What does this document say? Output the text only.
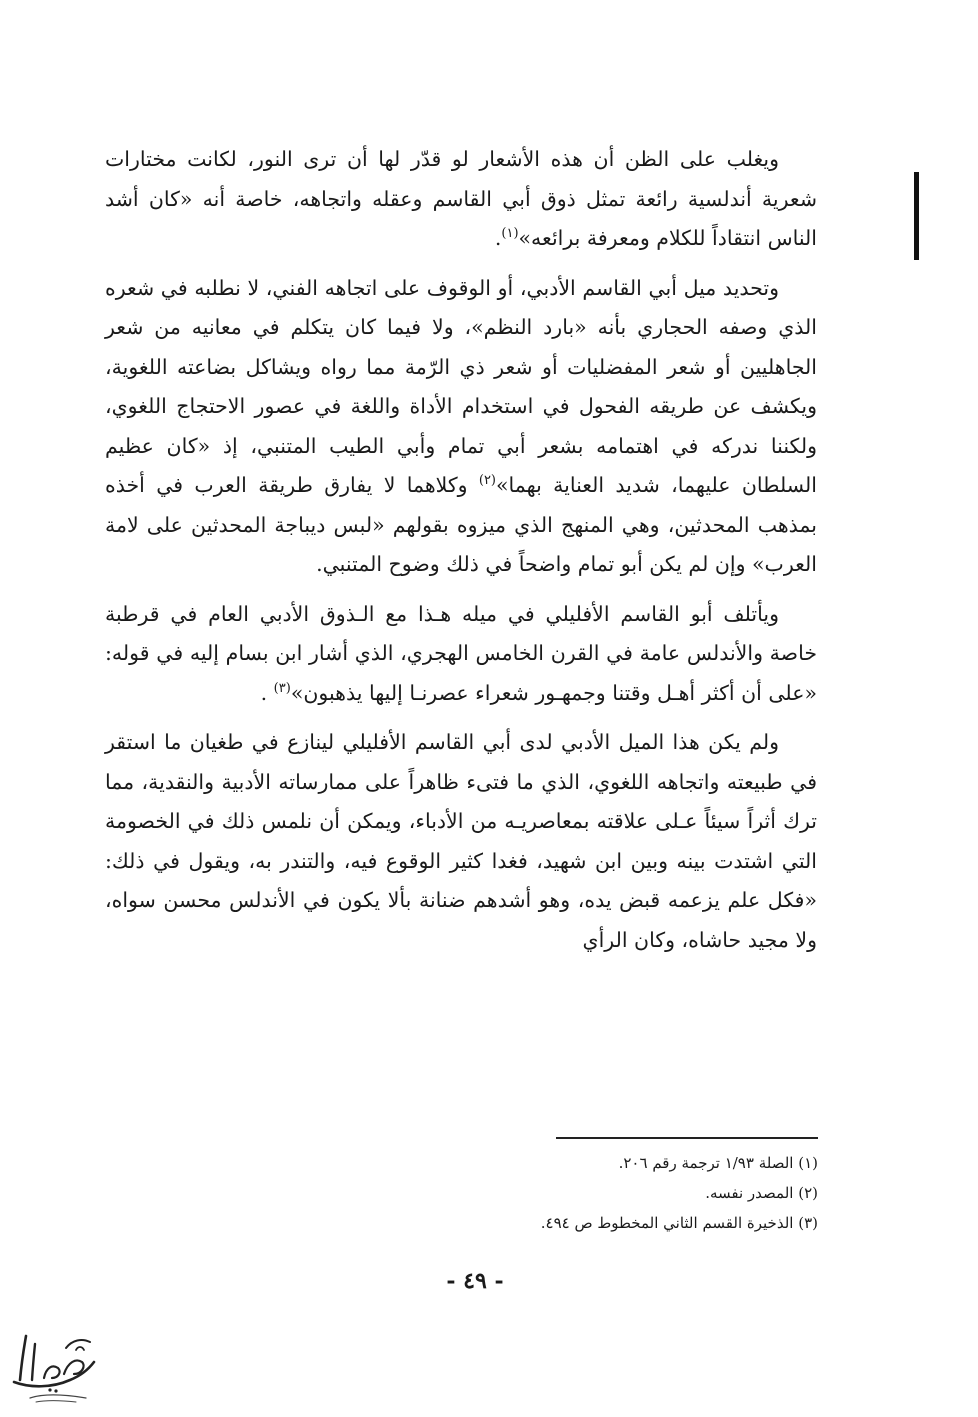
ويغلب على الظن أن هذه الأشعار لو قدّر لها أن ترى النور، لكانت مختارات شعرية أندلسية رائعة تمثل ذوق أبي القاسم وعقله واتجاهه، خاصة أنه «كان أشد الناس انتقاداً للكلام ومعرفة برائعه»$^{(١)}$.

وتحديد ميل أبي القاسم الأدبي، أو الوقوف على اتجاهه الفني، لا نطلبه في شعره الذي وصفه الحجاري بأنه «بارد النظم»، ولا فيما كان يتكلم في معانيه من شعر الجاهليين أو شعر المفضليات أو شعر ذي الرّمة مما رواه ويشاكل بضاعته اللغوية، ويكشف عن طريقه الفحول في استخدام الأداة واللغة في عصور الاحتجاج اللغوي، ولكننا ندركه في اهتمامه بشعر أبي تمام وأبي الطيب المتنبي، إذ «كان عظيم السلطان عليهما، شديد العناية بهما»$^{(٢)}$ وكلاهما لا يفارق طريقة العرب في أخذه بمذهب المحدثين، وهي المنهج الذي ميزوه بقولهم «لبس ديباجة المحدثين على لامة العرب» وإن لم يكن أبو تمام واضحاً في ذلك وضوح المتنبي.

ويأتلف أبو القاسم الأفليلي في ميله هـذا مع الـذوق الأدبي العام في قرطبة خاصة والأندلس عامة في القرن الخامس الهجري، الذي أشار ابن بسام إليه في قوله: «على أن أكثر أهـل وقتنا وجمهـور شعراء عصرنـا إليها يذهبون»$^{(٣)}$ .

ولم يكن هذا الميل الأدبي لدى أبي القاسم الأفليلي لينازع في طغيان ما استقر في طبيعته واتجاهه اللغوي، الذي ما فتىء ظاهراً على ممارساته الأدبية والنقدية، مما ترك أثراً سيئاً عـلى علاقته بمعاصريـه من الأدباء، ويمكن أن نلمس ذلك في الخصومة التي اشتدت بينه وبين ابن شهيد، فغدا كثير الوقوع فيه، والتندر به، ويقول في ذلك: «فكل علم يزعمه قبض يده، وهو أشدهم ضنانة بألا يكون في الأندلس محسن سواه، ولا مجيد حاشاه، وكان الرأي

(١) الصلة ١/٩٣ ترجمة رقم ٢٠٦.
(٢) المصدر نفسه.
(٣) الذخيرة القسم الثاني المخطوط ص ٤٩٤.
- ٤٩ -
